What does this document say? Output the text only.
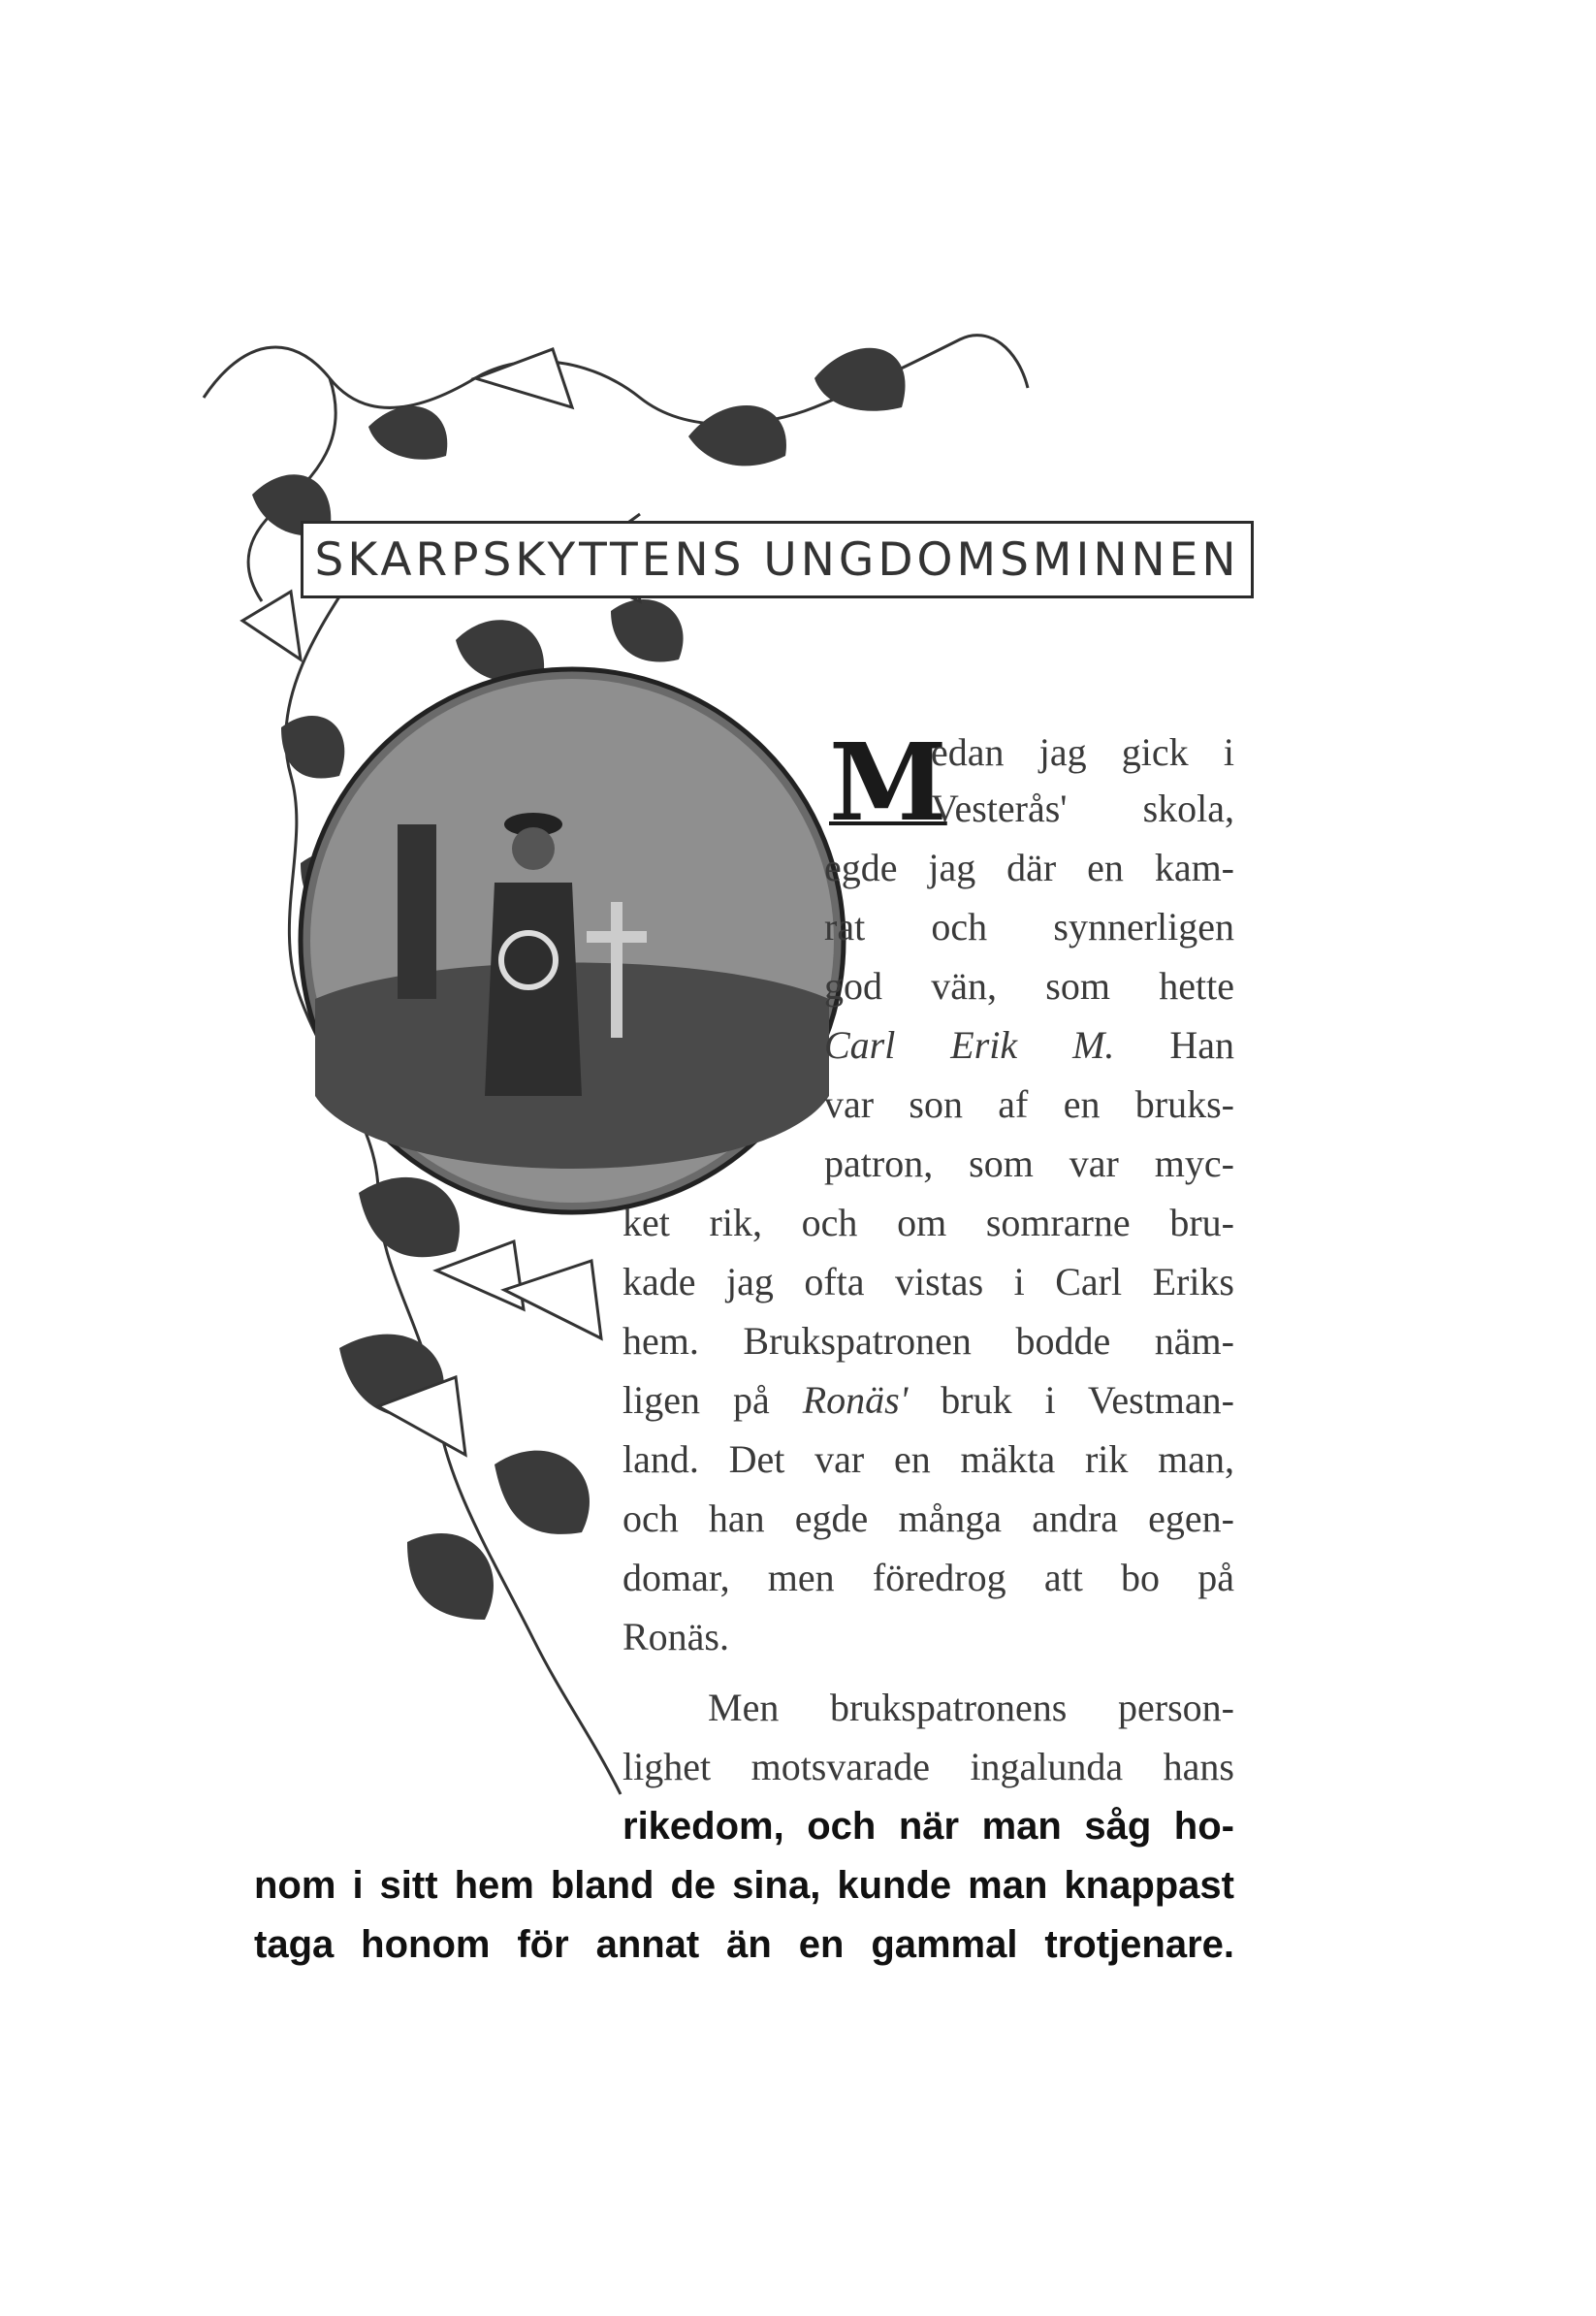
SKARPSKYTTENS UNGDOMSMINNEN
M
edan jag gick i
Vesterås' skola,
egde jag där en kam-
rat och synnerligen
god vän, som hette
Carl Erik M. Han
var son af en bruks-
patron, som var myc-
ket rik, och om somrarne bru-
kade jag ofta vistas i Carl Eriks
hem. Brukspatronen bodde näm-
ligen på Ronäs' bruk i Vestman-
land. Det var en mäkta rik man,
och han egde många andra egen-
domar, men föredrog att bo på
Ronäs.
Men brukspatronens person-
lighet motsvarade ingalunda hans
rikedom, och när man såg ho-
nom i sitt hem bland de sina, kunde man knappast
taga honom för annat än en gammal trotjenare.
